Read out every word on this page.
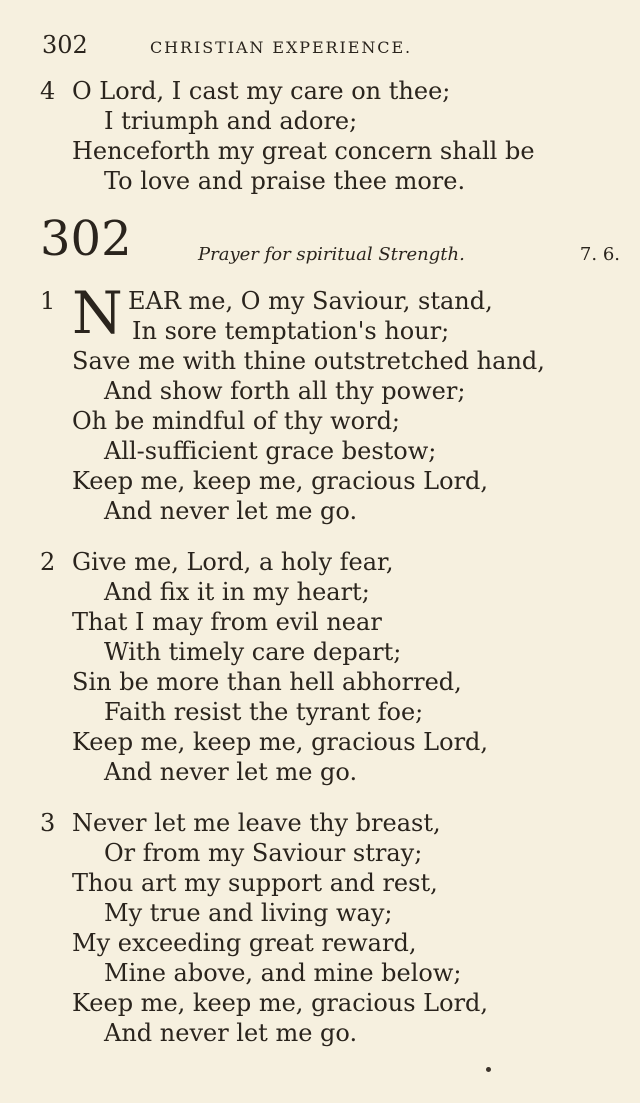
302	CHRISTIAN EXPERIENCE.
4 O Lord, I cast my care on thee;
I triumph and adore;
Henceforth my great concern shall be
To love and praise thee more.
302	Prayer for spiritual Strength.	7. 6.
1 N EAR me, O my Saviour, stand,
In sore temptation's hour;
Save me with thine outstretched hand,
And show forth all thy power;
Oh be mindful of thy word;
All-sufficient grace bestow;
Keep me, keep me, gracious Lord,
And never let me go.
2 Give me, Lord, a holy fear,
And fix it in my heart;
That I may from evil near
With timely care depart;
Sin be more than hell abhorred,
Faith resist the tyrant foe;
Keep me, keep me, gracious Lord,
And never let me go.
3 Never let me leave thy breast,
Or from my Saviour stray;
Thou art my support and rest,
My true and living way;
My exceeding great reward,
Mine above, and mine below;
Keep me, keep me, gracious Lord,
And never let me go.
